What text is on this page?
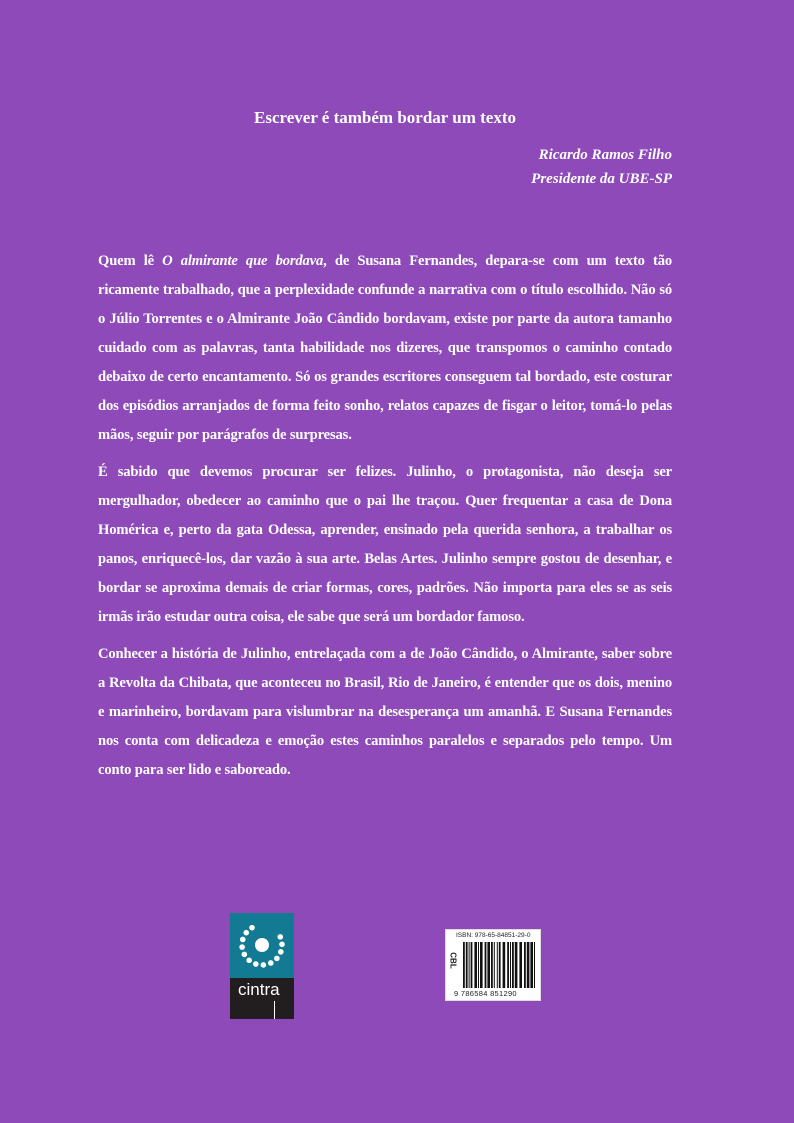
Escrever é também bordar um texto
Ricardo Ramos Filho
Presidente da UBE-SP

Quem lê O almirante que bordava, de Susana Fernandes, depara-se com um texto tão ricamente trabalhado, que a perplexidade confunde a narrativa com o título escolhido. Não só o Júlio Torrentes e o Almirante João Cândido bordavam, existe por parte da autora tamanho cuidado com as palavras, tanta habilidade nos dizeres, que transpomos o caminho contado debaixo de certo encantamento. Só os grandes escritores conseguem tal bordado, este costurar dos episódios arranjados de forma feito sonho, relatos capazes de fisgar o leitor, tomá-lo pelas mãos, seguir por parágrafos de surpresas.

É sabido que devemos procurar ser felizes. Julinho, o protagonista, não deseja ser mergulhador, obedecer ao caminho que o pai lhe traçou. Quer frequentar a casa de Dona Homérica e, perto da gata Odessa, aprender, ensinado pela querida senhora, a trabalhar os panos, enriquecê-los, dar vazão à sua arte. Belas Artes. Julinho sempre gostou de desenhar, e bordar se aproxima demais de criar formas, cores, padrões. Não importa para eles se as seis irmãs irão estudar outra coisa, ele sabe que será um bordador famoso.

Conhecer a história de Julinho, entrelaçada com a de João Cândido, o Almirante, saber sobre a Revolta da Chibata, que aconteceu no Brasil, Rio de Janeiro, é entender que os dois, menino e marinheiro, bordavam para vislumbrar na desesperança um amanhã. E Susana Fernandes nos conta com delicadeza e emoção estes caminhos paralelos e separados pelo tempo. Um conto para ser lido e saboreado.

cintra
ISBN: 978-65-84851-29-0
CBL
9 786584 851290
